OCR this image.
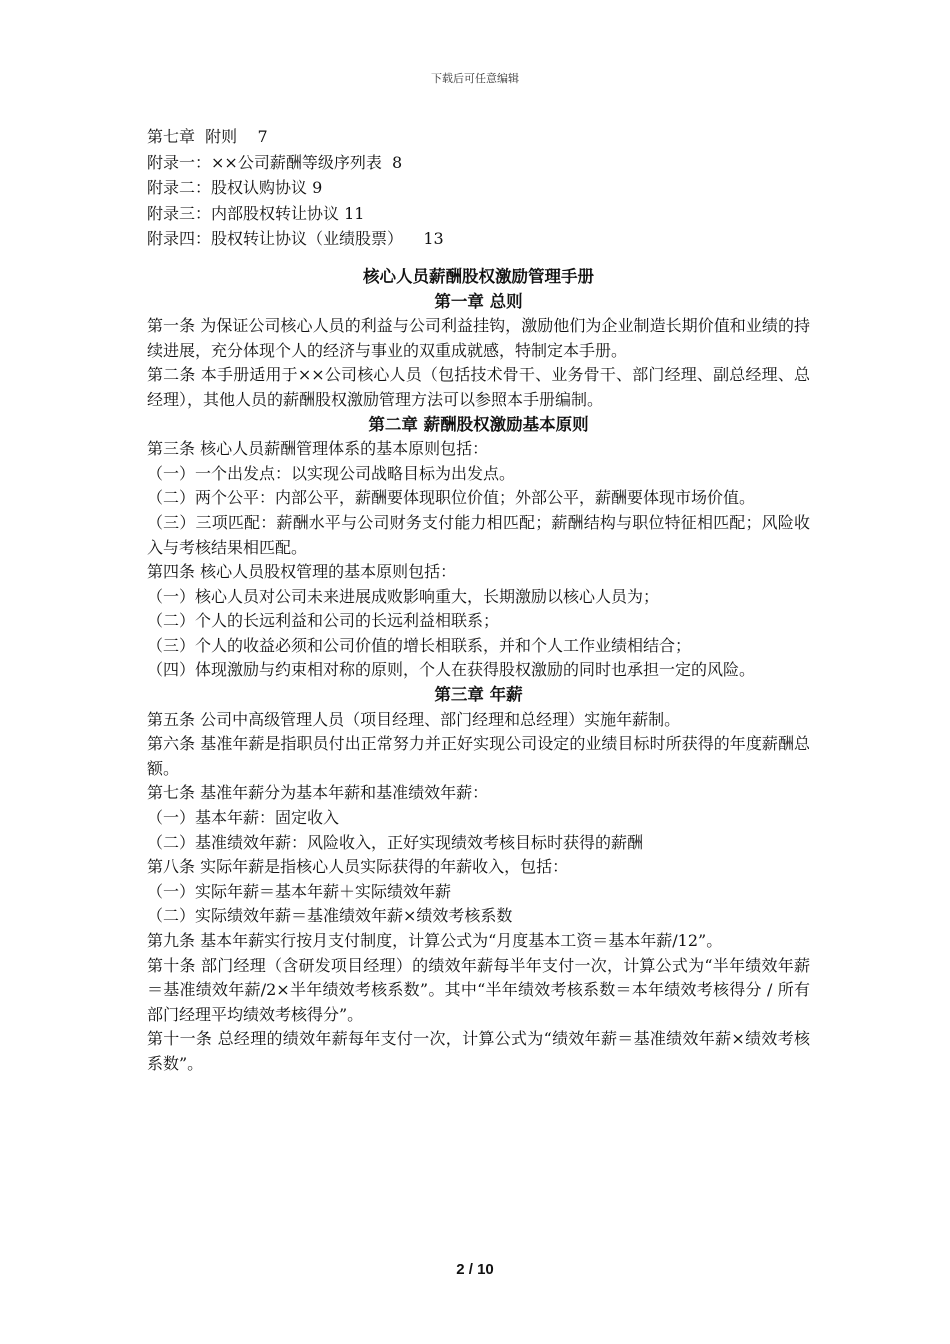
下载后可任意编辑
第七章  附则    7
附录一：××公司薪酬等级序列表  8
附录二：股权认购协议 9
附录三：内部股权转让协议 11
附录四：股权转让协议（业绩股票）    13
核心人员薪酬股权激励管理手册
第一章 总则
第一条 为保证公司核心人员的利益与公司利益挂钩，激励他们为企业制造长期价值和业绩的持续进展，充分体现个人的经济与事业的双重成就感，特制定本手册。
第二条 本手册适用于××公司核心人员（包括技术骨干、业务骨干、部门经理、副总经理、总经理），其他人员的薪酬股权激励管理方法可以参照本手册编制。
第二章 薪酬股权激励基本原则
第三条 核心人员薪酬管理体系的基本原则包括：
（一）一个出发点：以实现公司战略目标为出发点。
（二）两个公平：内部公平，薪酬要体现职位价值；外部公平，薪酬要体现市场价值。
（三）三项匹配：薪酬水平与公司财务支付能力相匹配；薪酬结构与职位特征相匹配；风险收入与考核结果相匹配。
第四条 核心人员股权管理的基本原则包括：
（一）核心人员对公司未来进展成败影响重大，长期激励以核心人员为；
（二）个人的长远利益和公司的长远利益相联系；
（三）个人的收益必须和公司价值的增长相联系，并和个人工作业绩相结合；
（四）体现激励与约束相对称的原则，个人在获得股权激励的同时也承担一定的风险。
第三章 年薪
第五条 公司中高级管理人员（项目经理、部门经理和总经理）实施年薪制。
第六条 基准年薪是指职员付出正常努力并正好实现公司设定的业绩目标时所获得的年度薪酬总额。
第七条 基准年薪分为基本年薪和基准绩效年薪：
（一）基本年薪：固定收入
（二）基准绩效年薪：风险收入，正好实现绩效考核目标时获得的薪酬
第八条 实际年薪是指核心人员实际获得的年薪收入，包括：
（一）实际年薪＝基本年薪＋实际绩效年薪
（二）实际绩效年薪＝基准绩效年薪×绩效考核系数
第九条 基本年薪实行按月支付制度，计算公式为“月度基本工资＝基本年薪/12”。
第十条 部门经理（含研发项目经理）的绩效年薪每半年支付一次，计算公式为“半年绩效年薪＝基准绩效年薪/2×半年绩效考核系数”。其中“半年绩效考核系数＝本年绩效考核得分 / 所有部门经理平均绩效考核得分”。
第十一条 总经理的绩效年薪每年支付一次，计算公式为“绩效年薪＝基准绩效年薪×绩效考核系数”。
2 / 10
